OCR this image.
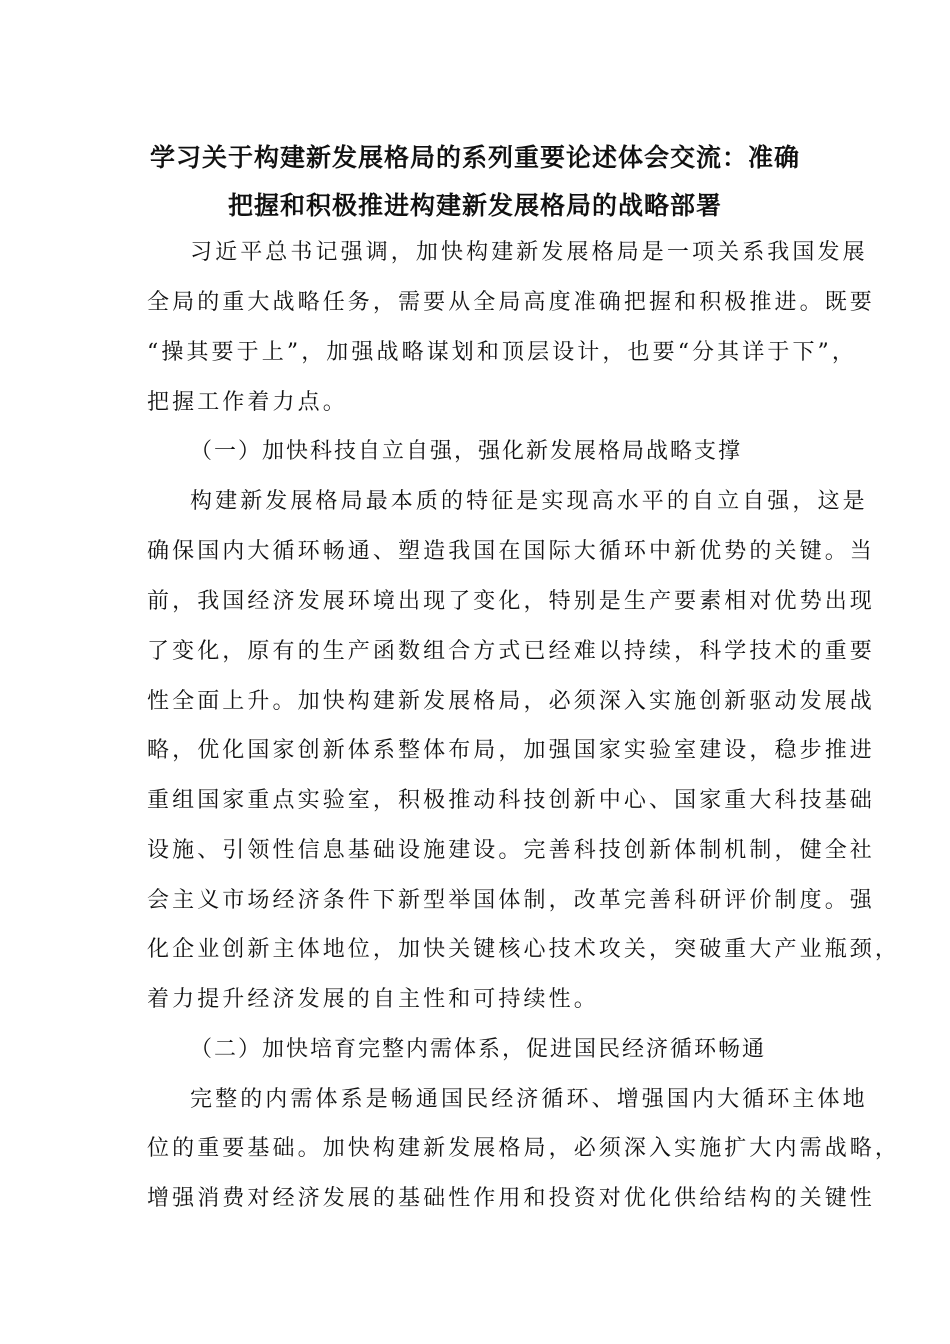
学习关于构建新发展格局的系列重要论述体会交流：准确
把握和积极推进构建新发展格局的战略部署

习近平总书记强调，加快构建新发展格局是一项关系我国发展

全局的重大战略任务，需要从全局高度准确把握和积极推进。既要

“操其要于上”，加强战略谋划和顶层设计，也要“分其详于下”，

把握工作着力点。

（一）加快科技自立自强，强化新发展格局战略支撑

构建新发展格局最本质的特征是实现高水平的自立自强，这是

确保国内大循环畅通、塑造我国在国际大循环中新优势的关键。当

前，我国经济发展环境出现了变化，特别是生产要素相对优势出现

了变化，原有的生产函数组合方式已经难以持续，科学技术的重要

性全面上升。加快构建新发展格局，必须深入实施创新驱动发展战

略，优化国家创新体系整体布局，加强国家实验室建设，稳步推进

重组国家重点实验室，积极推动科技创新中心、国家重大科技基础

设施、引领性信息基础设施建设。完善科技创新体制机制，健全社

会主义市场经济条件下新型举国体制，改革完善科研评价制度。强

化企业创新主体地位，加快关键核心技术攻关，突破重大产业瓶颈，

着力提升经济发展的自主性和可持续性。

（二）加快培育完整内需体系，促进国民经济循环畅通

完整的内需体系是畅通国民经济循环、增强国内大循环主体地

位的重要基础。加快构建新发展格局，必须深入实施扩大内需战略，

增强消费对经济发展的基础性作用和投资对优化供给结构的关键性
